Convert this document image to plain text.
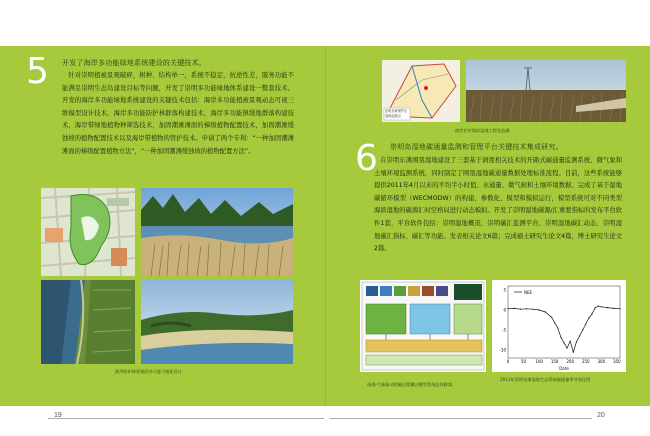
5 开发了海岸多功能绿地系统建设的关键技术。
针对崇明植被景观破碎，树种、结构单一，系统不稳定，抗逆性差，服务功能不能满足崇明生态岛建设目标等问题，开发了崇明多功能绿地体系建设一整套技术。开发的海岸多功能绿地系统建设的关键技术包括：海岸多功能植被景观动态可视三维模型设计技术，海岸多功能防护林群落构建技术，海岸多功能镇缓地群落构建技术，海岸带绿地植物种筛选技术，加固潮滩滩面的梯级植物配置技术，加固潮滩缓蚀坡的植物配置技术以及海岸带植物的管护技术。申请了两个专利：“一种加固潮滩滩面的梯级配置植物方法”，“一种加固潮滩缓蚀坡的植物配置方法”。
滨岸防护林景观的多尺度可视化设计
19
崇明东滩保护区
湿地监测点
南岸护岸海滨湿地工程及监测
6 崇明岛湿地碳通量监测和管理平台关键技术集成研究。
在崇明东滩围垦湿地建设了三套基于涡度相关技术的开路式碳通量监测系统、微气象和土壤环境监测系统，同时制定了围垦湿地碳通量数据处理标准流程。目前，这些系统能够提供2011年4月以来的平均半小时值、水通量、微气候和土壤环境数据。完成了基于湿地碳循环模型（WECMODW）的构建、参数化、模型和模拟运行，模型系统可对不同类型海滨湿地的碳源汇时空格局进行动态模拟。开发了崇明湿地碳源/汇重要指标的发布平台软件1套，平台软件包括：崇明湿地概况、崇明碳汇监测平台、崇明湿地碳汇动态、崇明湿地碳汇指标、碳汇等功能。发表相关论文6篇；完成硕士研究生论文4篇，博士研究生论文2篇。
5
0
-5
-10
0	50 100 150 200 250 300 350
NEE
Date
遥感-气象驱动的碳过程耦合模型系统总体框架
2012年崇明东滩湿地生态系统碳通量季节变化图
20
